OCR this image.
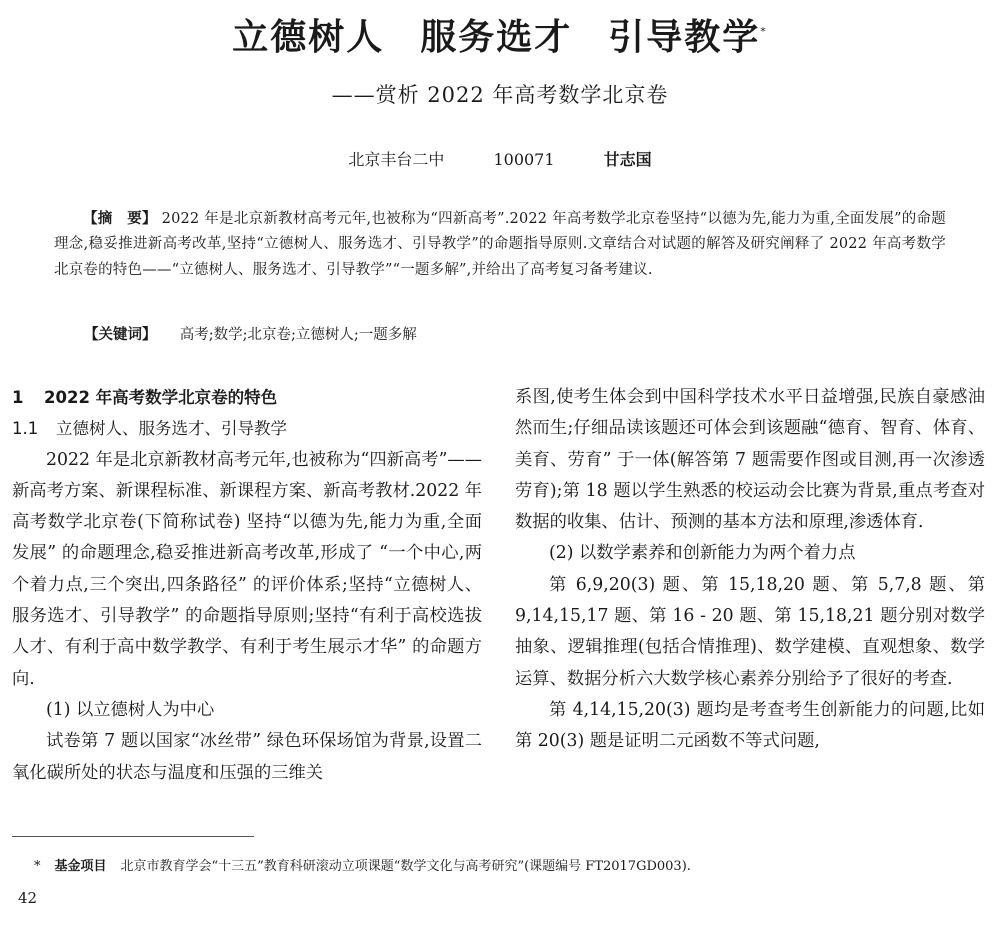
立德树人 服务选才 引导教学*
——赏析 2022 年高考数学北京卷
北京丰台二中	100071	甘志国
【摘　要】 2022 年是北京新教材高考元年,也被称为“四新高考”.2022 年高考数学北京卷坚持“以德为先,能力为重,全面发展”的命题理念,稳妥推进新高考改革,坚持“立德树人、服务选才、引导教学”的命题指导原则.文章结合对试题的解答及研究阐释了 2022 年高考数学北京卷的特色——“立德树人、服务选才、引导教学”“一题多解”,并给出了高考复习备考建议.
【关键词】 高考;数学;北京卷;立德树人;一题多解

1 2022 年高考数学北京卷的特色

1.1 立德树人、服务选才、引导教学

2022 年是北京新教材高考元年,也被称为“四新高考”—— 新高考方案、新课程标准、新课程方案、新高考教材.2022 年高考数学北京卷(下简称试卷) 坚持“以德为先,能力为重,全面发展” 的命题理念,稳妥推进新高考改革,形成了 “一个中心,两个着力点,三个突出,四条路径” 的评价体系;坚持“立德树人、服务选才、引导教学” 的命题指导原则;坚持“有利于高校选拔人才、有利于高中数学教学、有利于考生展示才华” 的命题方向.

(1) 以立德树人为中心

试卷第 7 题以国家“冰丝带” 绿色环保场馆为背景,设置二氧化碳所处的状态与温度和压强的三维关

系图,使考生体会到中国科学技术水平日益增强,民族自豪感油然而生;仔细品读该题还可体会到该题融“德育、智育、体育、美育、劳育” 于一体(解答第 7 题需要作图或目测,再一次渗透劳育);第 18 题以学生熟悉的校运动会比赛为背景,重点考查对数据的收集、估计、预测的基本方法和原理,渗透体育.

(2) 以数学素养和创新能力为两个着力点

第 6,9,20(3) 题、第 15,18,20 题、第 5,7,8 题、第 9,14,15,17 题、第 16 - 20 题、第 15,18,21 题分别对数学抽象、逻辑推理(包括合情推理)、数学建模、直观想象、数学运算、数据分析六大数学核心素养分别给予了很好的考查.

第 4,14,15,20(3) 题均是考查考生创新能力的问题,比如第 20(3) 题是证明二元函数不等式问题,

* 基金项目 北京市教育学会“十三五”教育科研滚动立项课题“数学文化与高考研究”(课题编号 FT2017GD003).
42
